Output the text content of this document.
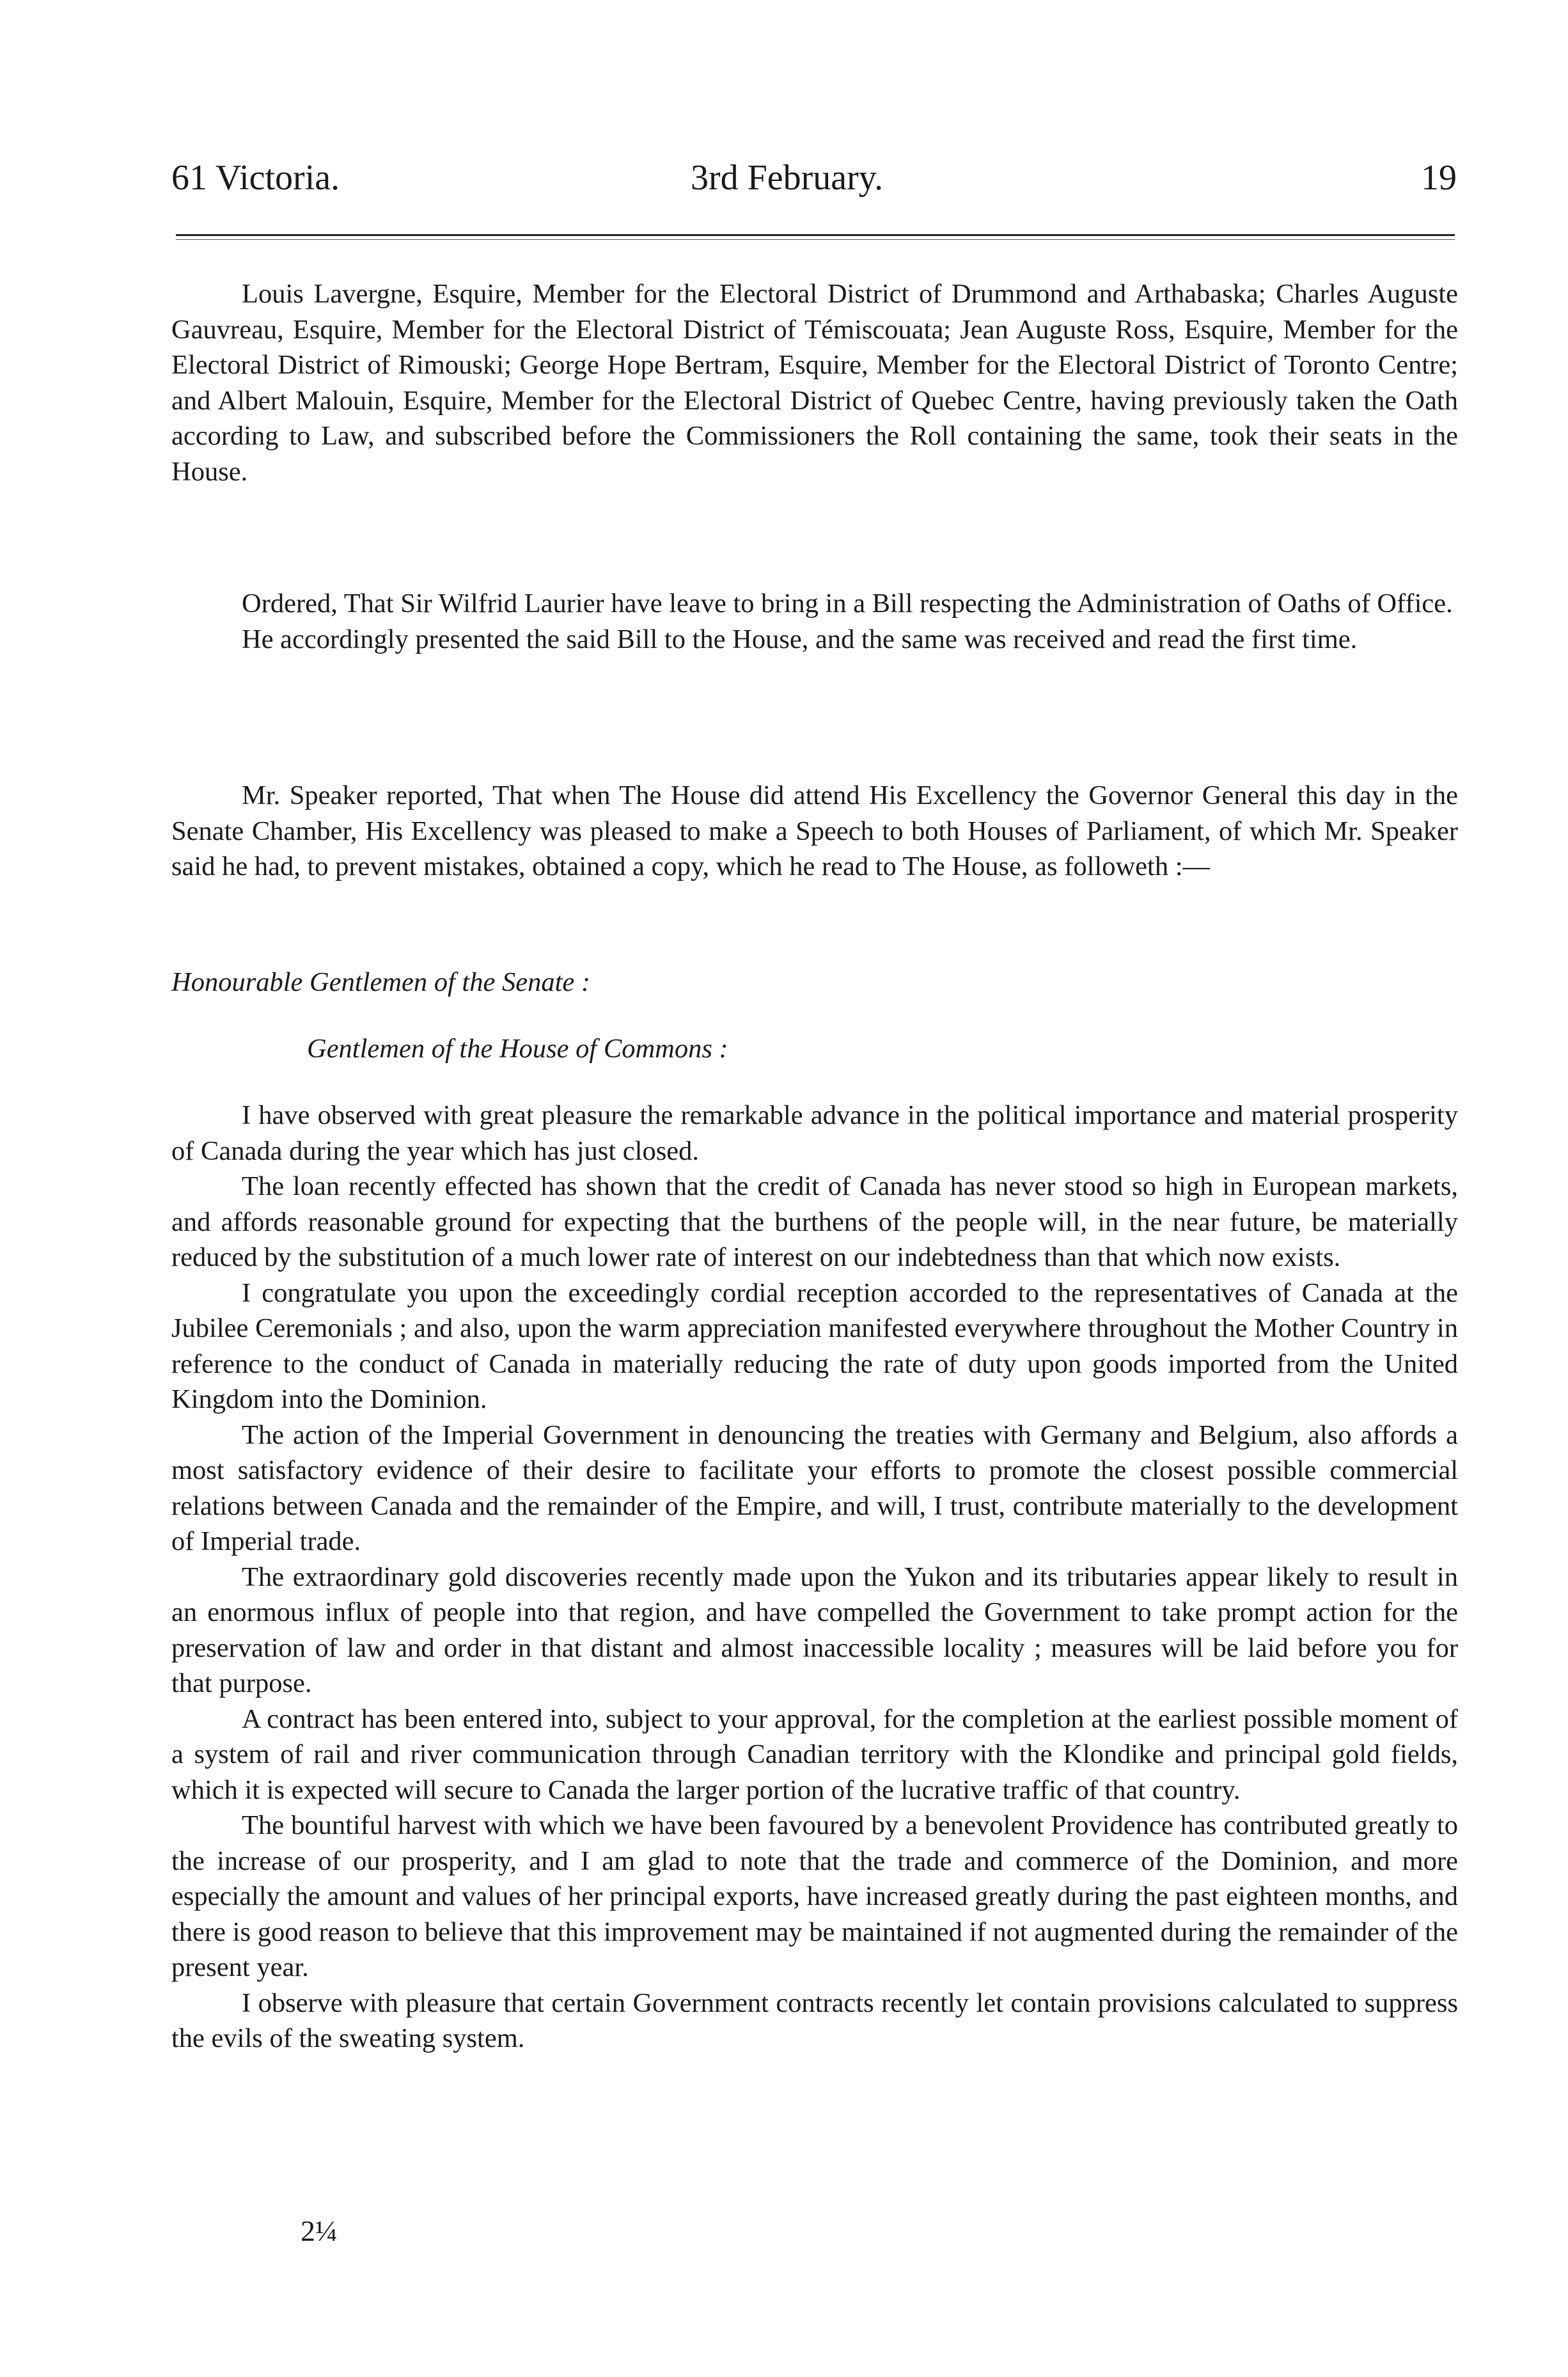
61 Victoria.	3rd February.	19

Louis Lavergne, Esquire, Member for the Electoral District of Drummond and Arthabaska; Charles Auguste Gauvreau, Esquire, Member for the Electoral District of Témiscouata; Jean Auguste Ross, Esquire, Member for the Electoral District of Rimouski; George Hope Bertram, Esquire, Member for the Electoral District of Toronto Centre; and Albert Malouin, Esquire, Member for the Electoral District of Quebec Centre, having previously taken the Oath according to Law, and subscribed before the Commissioners the Roll containing the same, took their seats in the House.

Ordered, That Sir Wilfrid Laurier have leave to bring in a Bill respecting the Administration of Oaths of Office.

He accordingly presented the said Bill to the House, and the same was received and read the first time.

Mr. Speaker reported, That when The House did attend His Excellency the Governor General this day in the Senate Chamber, His Excellency was pleased to make a Speech to both Houses of Parliament, of which Mr. Speaker said he had, to prevent mistakes, obtained a copy, which he read to The House, as followeth :—

Honourable Gentlemen of the Senate :
Gentlemen of the House of Commons :

I have observed with great pleasure the remarkable advance in the political importance and material prosperity of Canada during the year which has just closed.

The loan recently effected has shown that the credit of Canada has never stood so high in European markets, and affords reasonable ground for expecting that the burthens of the people will, in the near future, be materially reduced by the substitution of a much lower rate of interest on our indebtedness than that which now exists.

I congratulate you upon the exceedingly cordial reception accorded to the representatives of Canada at the Jubilee Ceremonials ; and also, upon the warm appreciation manifested everywhere throughout the Mother Country in reference to the conduct of Canada in materially reducing the rate of duty upon goods imported from the United Kingdom into the Dominion.

The action of the Imperial Government in denouncing the treaties with Germany and Belgium, also affords a most satisfactory evidence of their desire to facilitate your efforts to promote the closest possible commercial relations between Canada and the remainder of the Empire, and will, I trust, contribute materially to the development of Imperial trade.

The extraordinary gold discoveries recently made upon the Yukon and its tributaries appear likely to result in an enormous influx of people into that region, and have compelled the Government to take prompt action for the preservation of law and order in that distant and almost inaccessible locality ; measures will be laid before you for that purpose.

A contract has been entered into, subject to your approval, for the completion at the earliest possible moment of a system of rail and river communication through Canadian territory with the Klondike and principal gold fields, which it is expected will secure to Canada the larger portion of the lucrative traffic of that country.

The bountiful harvest with which we have been favoured by a benevolent Providence has contributed greatly to the increase of our prosperity, and I am glad to note that the trade and commerce of the Dominion, and more especially the amount and values of her principal exports, have increased greatly during the past eighteen months, and there is good reason to believe that this improvement may be maintained if not augmented during the remainder of the present year.

I observe with pleasure that certain Government contracts recently let contain provisions calculated to suppress the evils of the sweating system.

2¼
